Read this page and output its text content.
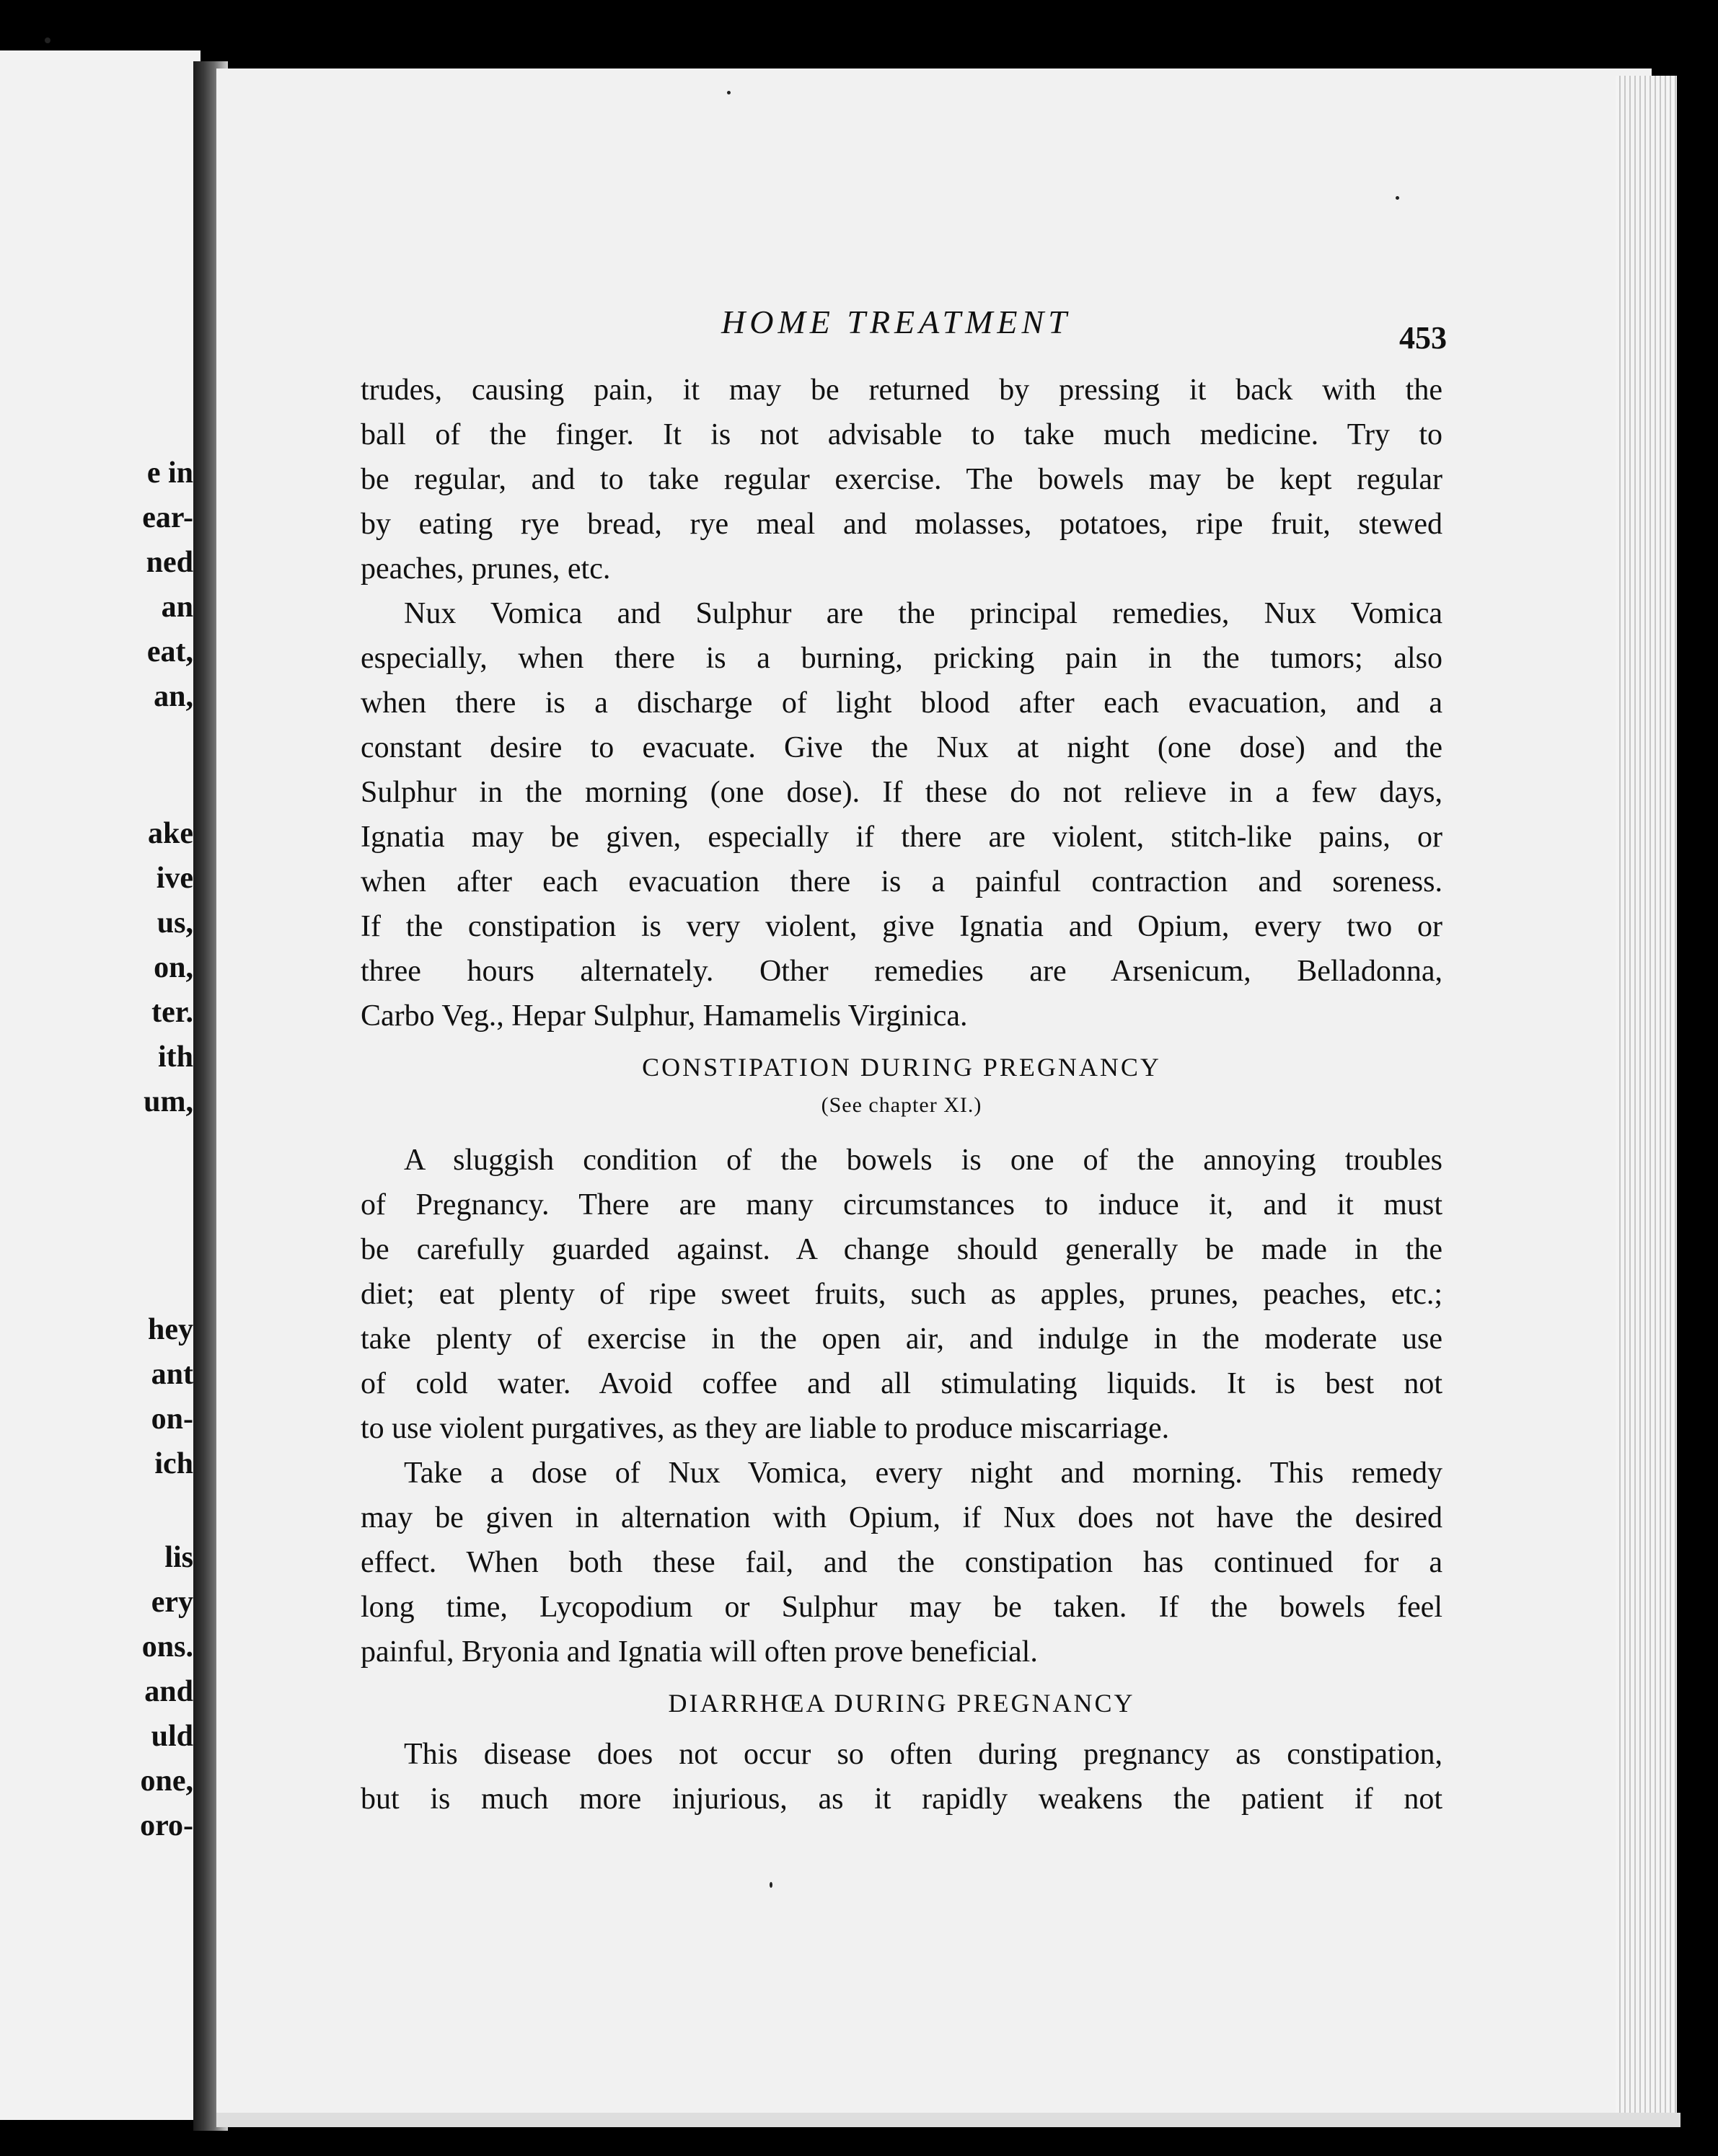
e in
ear-
ned
an
eat,
an,
ake
ive
us,
on,
ter.
ith
um,
hey
ant
on-
ich
lis
ery
ons.
and
uld
one,
oro-
HOME TREATMENT	453
trudes, causing pain, it may be returned by pressing it back with the
ball of the finger. It is not advisable to take much medicine. Try to
be regular, and to take regular exercise. The bowels may be kept regular
by eating rye bread, rye meal and molasses, potatoes, ripe fruit, stewed
peaches, prunes, etc.
Nux Vomica and Sulphur are the principal remedies, Nux Vomica
especially, when there is a burning, pricking pain in the tumors; also
when there is a discharge of light blood after each evacuation, and a
constant desire to evacuate. Give the Nux at night (one dose) and the
Sulphur in the morning (one dose). If these do not relieve in a few days,
Ignatia may be given, especially if there are violent, stitch-like pains, or
when after each evacuation there is a painful contraction and soreness.
If the constipation is very violent, give Ignatia and Opium, every two or
three hours alternately. Other remedies are Arsenicum, Belladonna,
Carbo Veg., Hepar Sulphur, Hamamelis Virginica.
CONSTIPATION DURING PREGNANCY
(See chapter XI.)
A sluggish condition of the bowels is one of the annoying troubles
of Pregnancy. There are many circumstances to induce it, and it must
be carefully guarded against. A change should generally be made in the
diet; eat plenty of ripe sweet fruits, such as apples, prunes, peaches, etc.;
take plenty of exercise in the open air, and indulge in the moderate use
of cold water. Avoid coffee and all stimulating liquids. It is best not
to use violent purgatives, as they are liable to produce miscarriage.
Take a dose of Nux Vomica, every night and morning. This remedy
may be given in alternation with Opium, if Nux does not have the desired
effect. When both these fail, and the constipation has continued for a
long time, Lycopodium or Sulphur may be taken. If the bowels feel
painful, Bryonia and Ignatia will often prove beneficial.
DIARRHŒA DURING PREGNANCY
This disease does not occur so often during pregnancy as constipation,
but is much more injurious, as it rapidly weakens the patient if not
